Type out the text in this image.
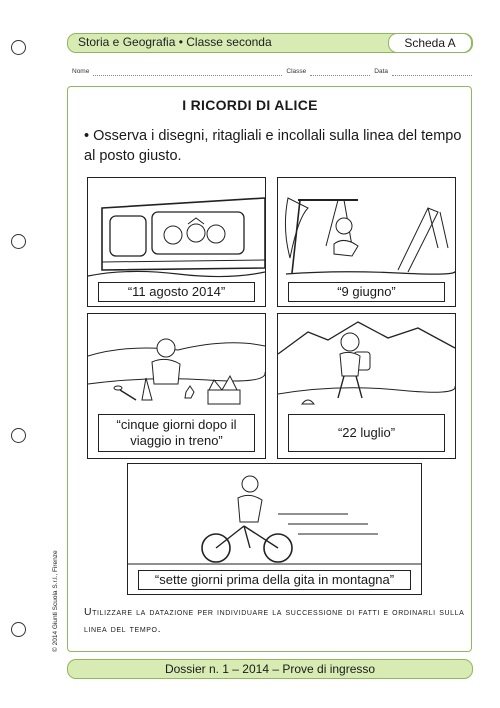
Storia e Geografia • Classe seconda	Scheda A
Nome	Classe	Data
I RICORDI DI ALICE
• Osserva i disegni, ritagliali e incollali sulla linea del tempo al posto giusto.
“11 agosto 2014”	“9 giugno”
“cinque giorni dopo il
viaggio in treno”
“22 luglio”
“sette giorni prima della gita in montagna”
Utilizzare la datazione per individuare la successione di fatti e ordinarli sulla linea del tempo.
Dossier n. 1 – 2014 – Prove di ingresso
© 2014 Giunti Scuola S.r.l., Firenze
